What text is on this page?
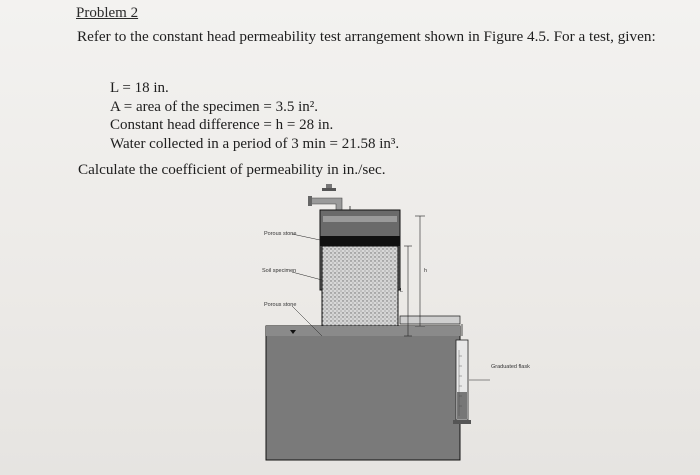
Problem 2
Refer to the constant head permeability test arrangement shown in Figure 4.5. For a test, given:
L = 18 in.
A = area of the specimen = 3.5 in².
Constant head difference = h = 28 in.
Water collected in a period of 3 min = 21.58 in³.
Calculate the coefficient of permeability in in./sec.
h
L
Porous stone
Soil specimen
Porous stone
Graduated flask
